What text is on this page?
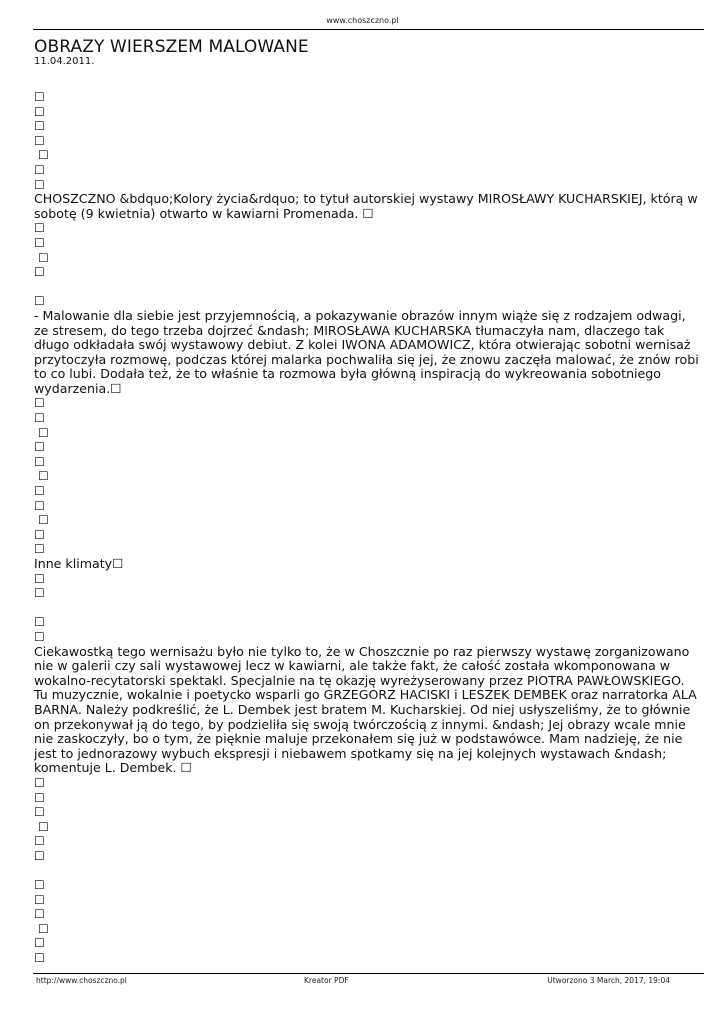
www.choszczno.pl
OBRAZY WIERSZEM MALOWANE
11.04.2011.
☐
☐
☐
☐
☐
☐
☐

CHOSZCZNO &bdquo;Kolory życia&rdquo; to tytuł autorskiej wystawy MIROSŁAWY KUCHARSKIEJ, którą w sobotę (9 kwietnia) otwarto w kawiarni Promenada. ☐

☐
☐
☐
☐
☐

- Malowanie dla siebie jest przyjemnością, a pokazywanie obrazów innym wiąże się z rodzajem odwagi, ze stresem, do tego trzeba dojrzeć &ndash; MIROSŁAWA KUCHARSKA tłumaczyła nam, dlaczego tak długo odkładała swój wystawowy debiut. Z kolei IWONA ADAMOWICZ, która otwierając sobotni wernisaż przytoczyła rozmowę, podczas której malarka pochwaliła się jej, że znowu zaczęła malować, że znów robi to co lubi. Dodała też, że to właśnie ta rozmowa była główną inspiracją do wykreowania sobotniego wydarzenia.☐

☐
☐
☐
☐
☐
☐
☐
☐
☐
☐
☐

Inne klimaty☐

☐
☐
☐
☐

Ciekawostką tego wernisażu było nie tylko to, że w Choszcznie po raz pierwszy wystawę zorganizowano nie w galerii czy sali wystawowej lecz w kawiarni, ale także fakt, że całość została wkomponowana w wokalno-recytatorski spektakl. Specjalnie na tę okazję wyreżyserowany przez PIOTRA PAWŁOWSKIEGO. Tu muzycznie, wokalnie i poetycko wsparli go GRZEGORZ HACISKI i LESZEK DEMBEK oraz narratorka ALA BARNA. Należy podkreślić, że L. Dembek jest bratem M. Kucharskiej. Od niej usłyszeliśmy, że to głównie on przekonywał ją do tego, by podzieliła się swoją twórczością z innymi. &ndash; Jej obrazy wcale mnie nie zaskoczyły, bo o tym, że pięknie maluje przekonałem się już w podstawówce. Mam nadzieję, że nie jest to jednorazowy wybuch ekspresji i niebawem spotkamy się na jej kolejnych wystawach &ndash; komentuje L. Dembek. ☐

☐
☐
☐
☐
☐
☐
☐
☐
☐
☐
☐
☐
http://www.choszczno.pl	Kreator PDF	Utworzono 3 March, 2017, 19:04
